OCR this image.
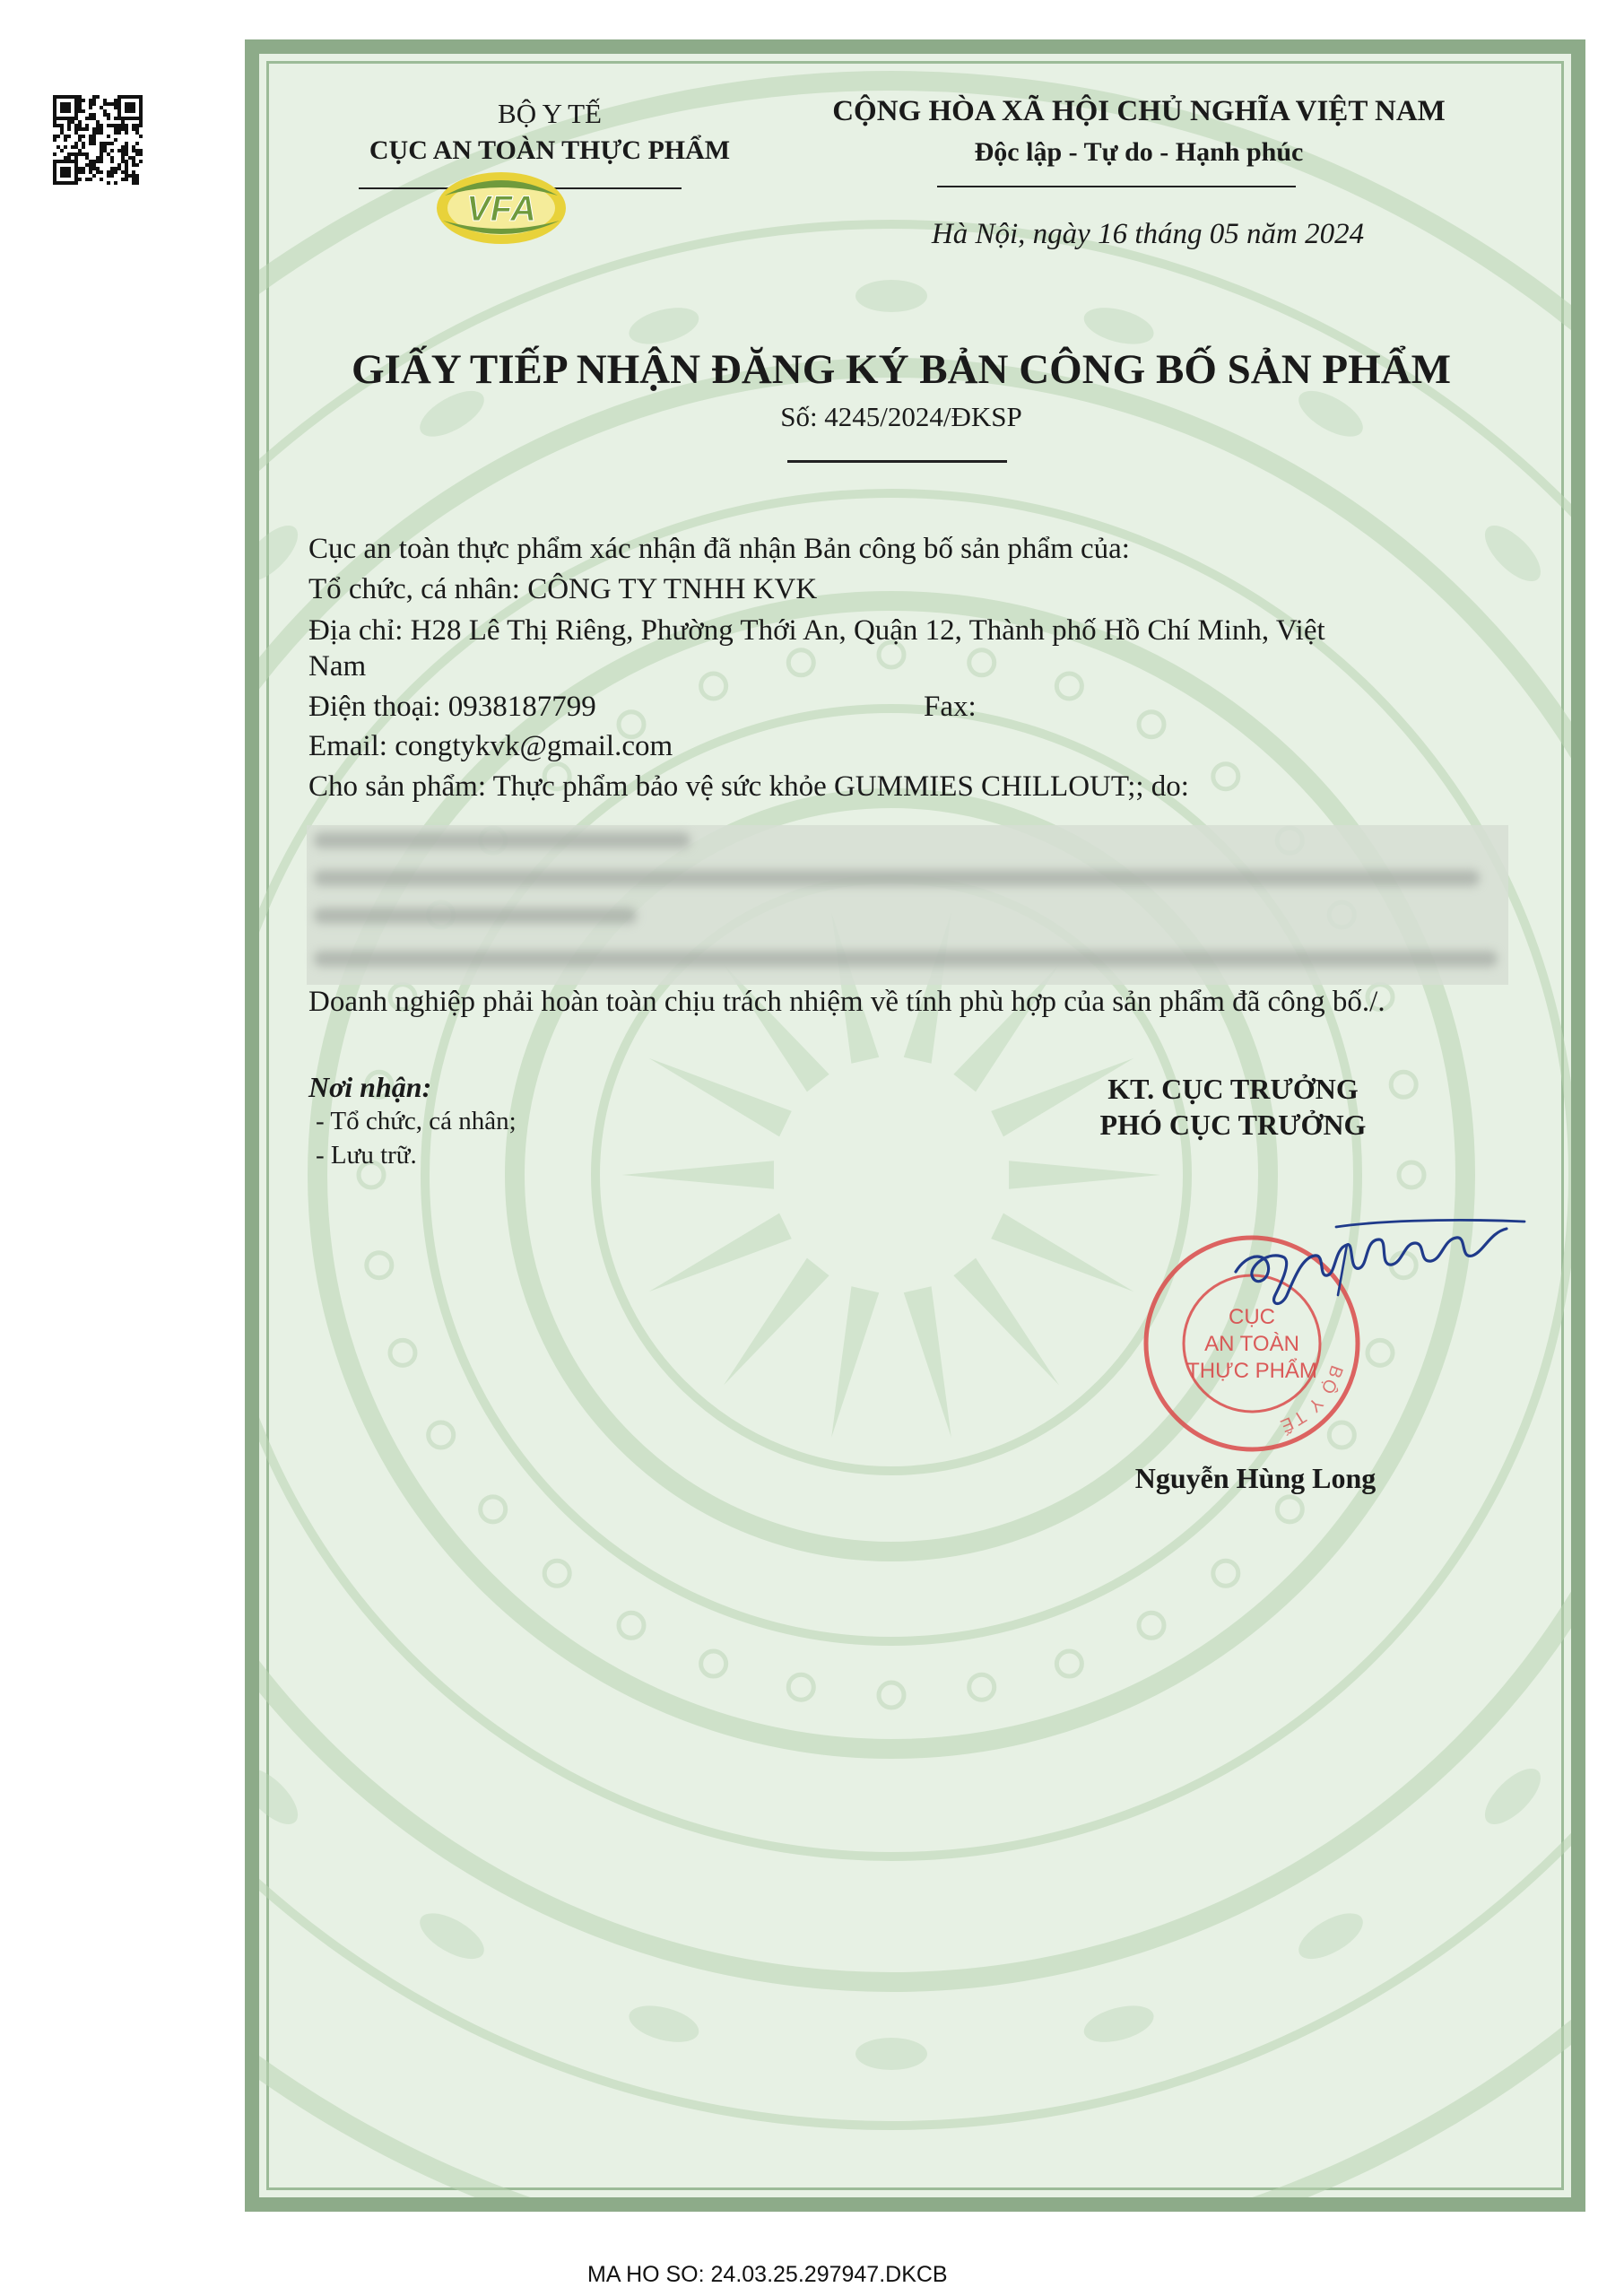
BỘ Y TẾ
CỤC AN TOÀN THỰC PHẨM
VFA
CỘNG HÒA XÃ HỘI CHỦ NGHĨA VIỆT NAM
Độc lập - Tự do - Hạnh phúc
Hà Nội, ngày 16 tháng 05 năm 2024
GIẤY TIẾP NHẬN ĐĂNG KÝ BẢN CÔNG BỐ SẢN PHẨM
Số: 4245/2024/ĐKSP
Cục an toàn thực phẩm xác nhận đã nhận Bản công bố sản phẩm của:
Tổ chức, cá nhân: CÔNG TY TNHH KVK
Địa chỉ: H28 Lê Thị Riêng, Phường Thới An, Quận 12, Thành phố Hồ Chí Minh, Việt
Nam
Điện thoại: 0938187799	Fax:
Email: congtykvk@gmail.com
Cho sản phẩm: Thực phẩm bảo vệ sức khỏe GUMMIES CHILLOUT;; do:
Doanh nghiệp phải hoàn toàn chịu trách nhiệm về tính phù hợp của sản phẩm đã công bố./.
Nơi nhận:
- Tổ chức, cá nhân;
- Lưu trữ.
KT. CỤC TRƯỞNG
PHÓ CỤC TRƯỞNG
BỘ Y TẾ
CỤC
AN TOÀN
THỰC PHẨM
Nguyễn Hùng Long
MA HO SO: 24.03.25.297947.DKCB
